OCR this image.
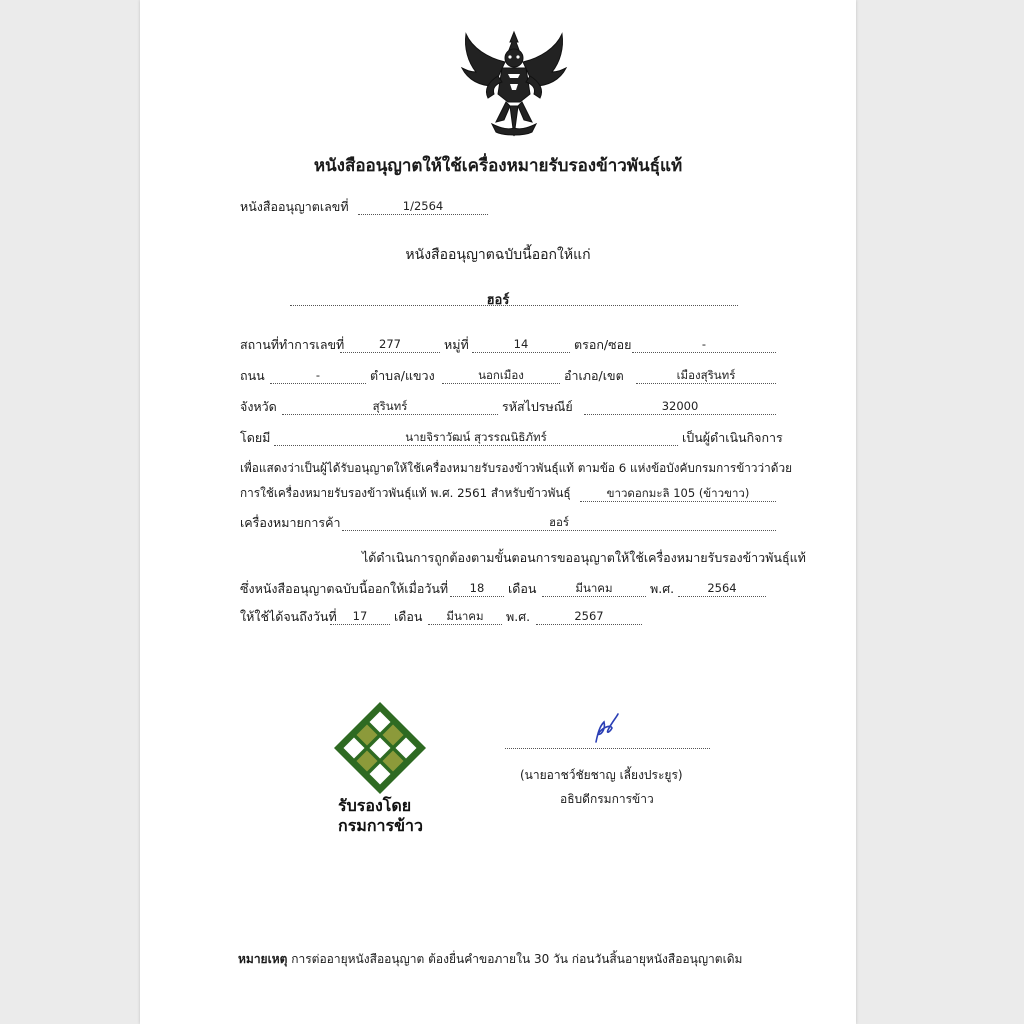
หนังสืออนุญาตให้ใช้เครื่องหมายรับรองข้าวพันธุ์แท้
หนังสืออนุญาตเลขที่	1/2564
หนังสืออนุญาตฉบับนี้ออกให้แก่
ฮอร์
สถานที่ทำการเลขที่	277	หมู่ที่	14	ตรอก/ซอย	-
ถนน	-	ตำบล/แขวง	นอกเมือง	อำเภอ/เขต	เมืองสุรินทร์
จังหวัด	สุรินทร์	รหัสไปรษณีย์	32000
โดยมี	นายจิราวัฒน์ สุวรรณนิธิภัทร์	เป็นผู้ดำเนินกิจการ
เพื่อแสดงว่าเป็นผู้ได้รับอนุญาตให้ใช้เครื่องหมายรับรองข้าวพันธุ์แท้ ตามข้อ 6 แห่งข้อบังคับกรมการข้าวว่าด้วย
การใช้เครื่องหมายรับรองข้าวพันธุ์แท้ พ.ศ. 2561 สำหรับข้าวพันธุ์	ขาวดอกมะลิ 105 (ข้าวขาว)
เครื่องหมายการค้า	ฮอร์
ได้ดำเนินการถูกต้องตามขั้นตอนการขออนุญาตให้ใช้เครื่องหมายรับรองข้าวพันธุ์แท้
ซึ่งหนังสืออนุญาตฉบับนี้ออกให้เมื่อวันที่	18	เดือน	มีนาคม	พ.ศ.	2564
ให้ใช้ได้จนถึงวันที่	17	เดือน	มีนาคม	พ.ศ.	2567
รับรองโดย
กรมการข้าว
(นายอาชว์ชัยชาญ เลี้ยงประยูร)
อธิบดีกรมการข้าว
หมายเหตุ การต่ออายุหนังสืออนุญาต ต้องยื่นคำขอภายใน 30 วัน ก่อนวันสิ้นอายุหนังสืออนุญาตเดิม
